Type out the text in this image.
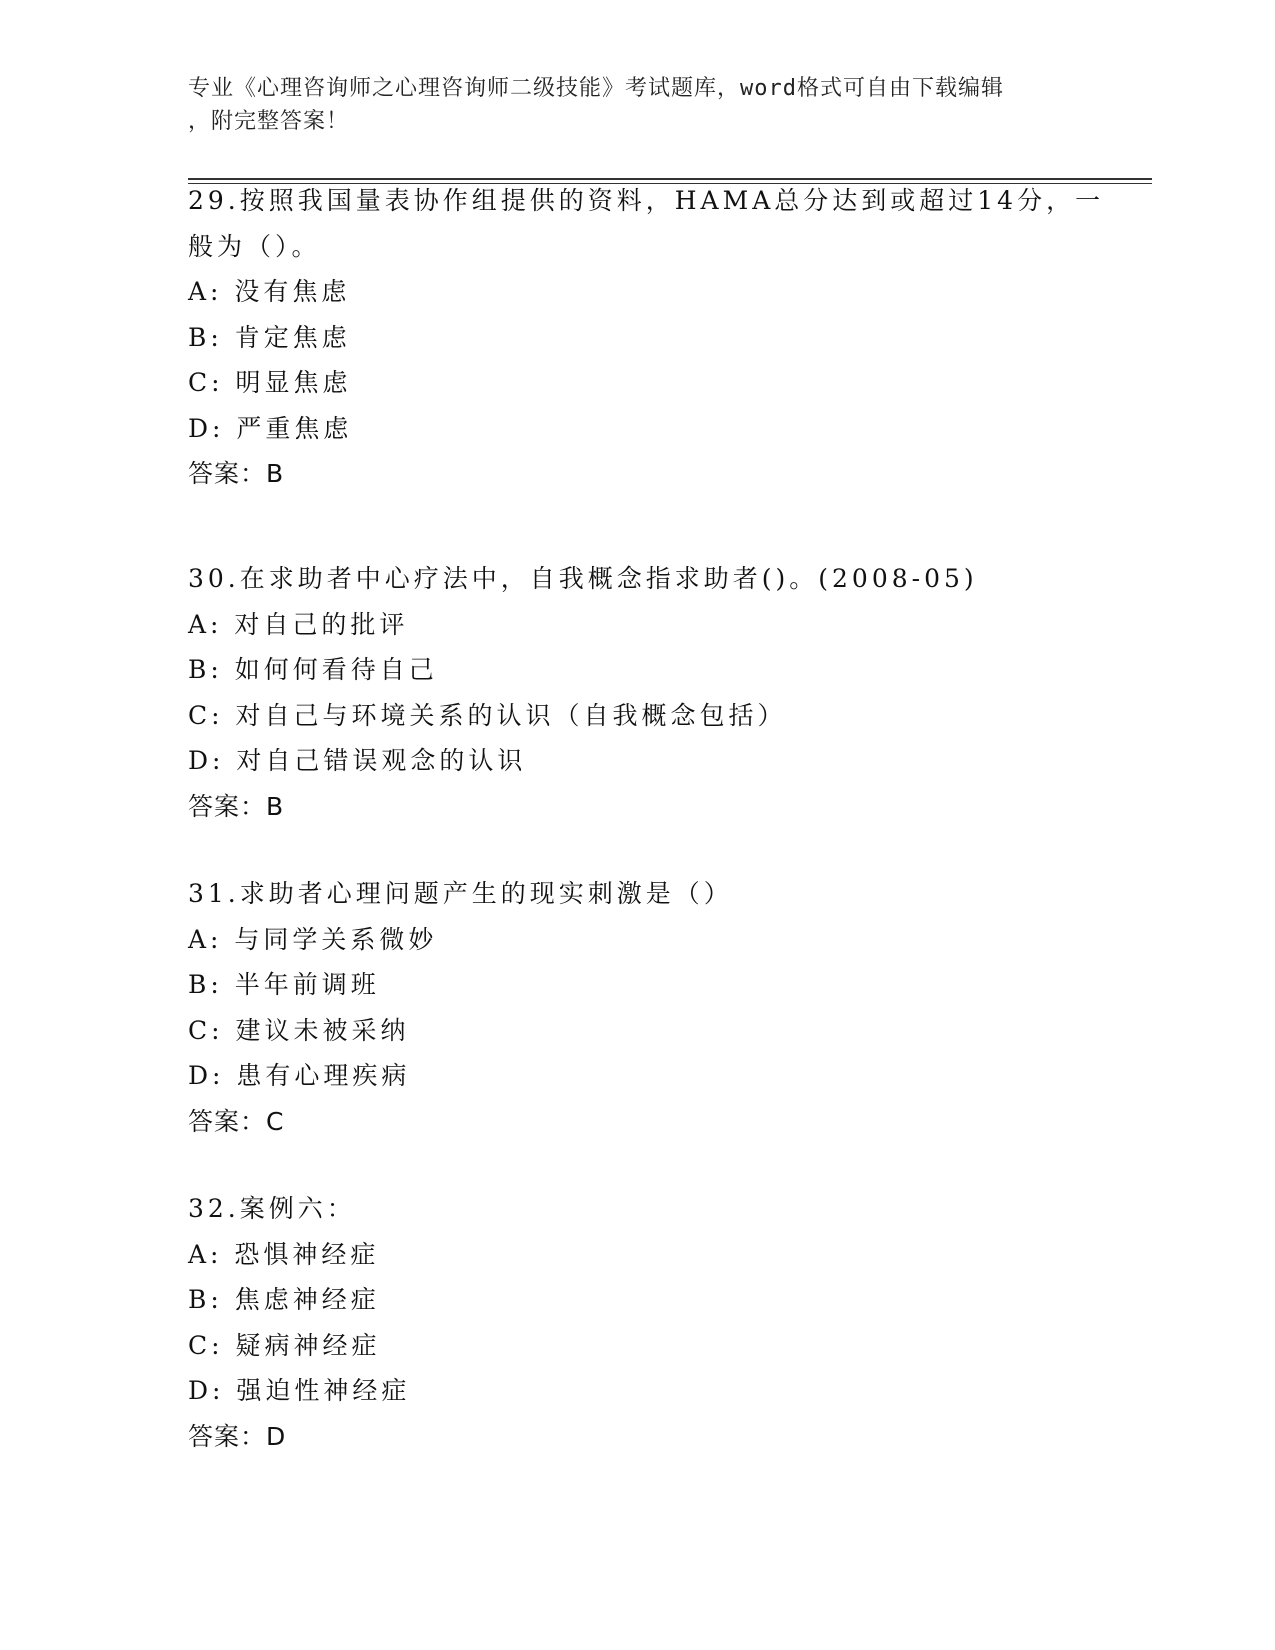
专业《心理咨询师之心理咨询师二级技能》考试题库，word格式可自由下载编辑
，附完整答案！
29.按照我国量表协作组提供的资料，HAMA总分达到或超过14分，一
般为（）。
A: 没有焦虑
B: 肯定焦虑
C: 明显焦虑
D: 严重焦虑
答案：B
30.在求助者中心疗法中，自我概念指求助者()。(2008-05)
A: 对自己的批评
B: 如何何看待自己
C: 对自己与环境关系的认识（自我概念包括）
D: 对自己错误观念的认识
答案：B
31.求助者心理问题产生的现实刺激是（）
A: 与同学关系微妙
B: 半年前调班
C: 建议未被采纳
D: 患有心理疾病
答案：C
32.案例六：
A: 恐惧神经症
B: 焦虑神经症
C: 疑病神经症
D: 强迫性神经症
答案：D
